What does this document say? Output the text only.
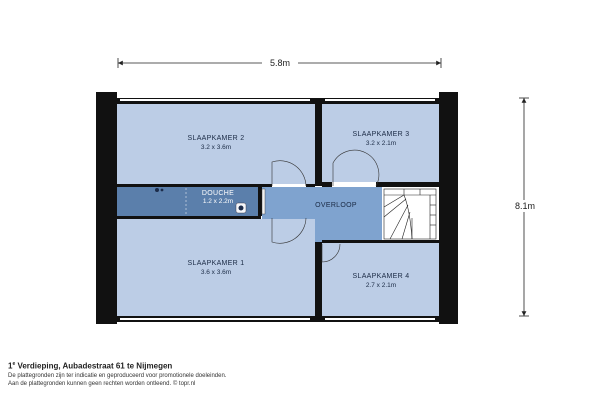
5.8m
8.1m
SLAAPKAMER 2
3.2 x 3.6m
SLAAPKAMER 3
3.2 x 2.1m
DOUCHE
1.2 x 2.2m
OVERLOOP
SLAAPKAMER 1
3.6 x 3.6m
SLAAPKAMER 4
2.7 x 2.1m
1e Verdieping, Aubadestraat 61 te Nijmegen
De plattegronden zijn ter indicatie en geproduceerd voor promotionele doeleinden.
Aan de plattegronden kunnen geen rechten worden ontleend. © topr.nl
